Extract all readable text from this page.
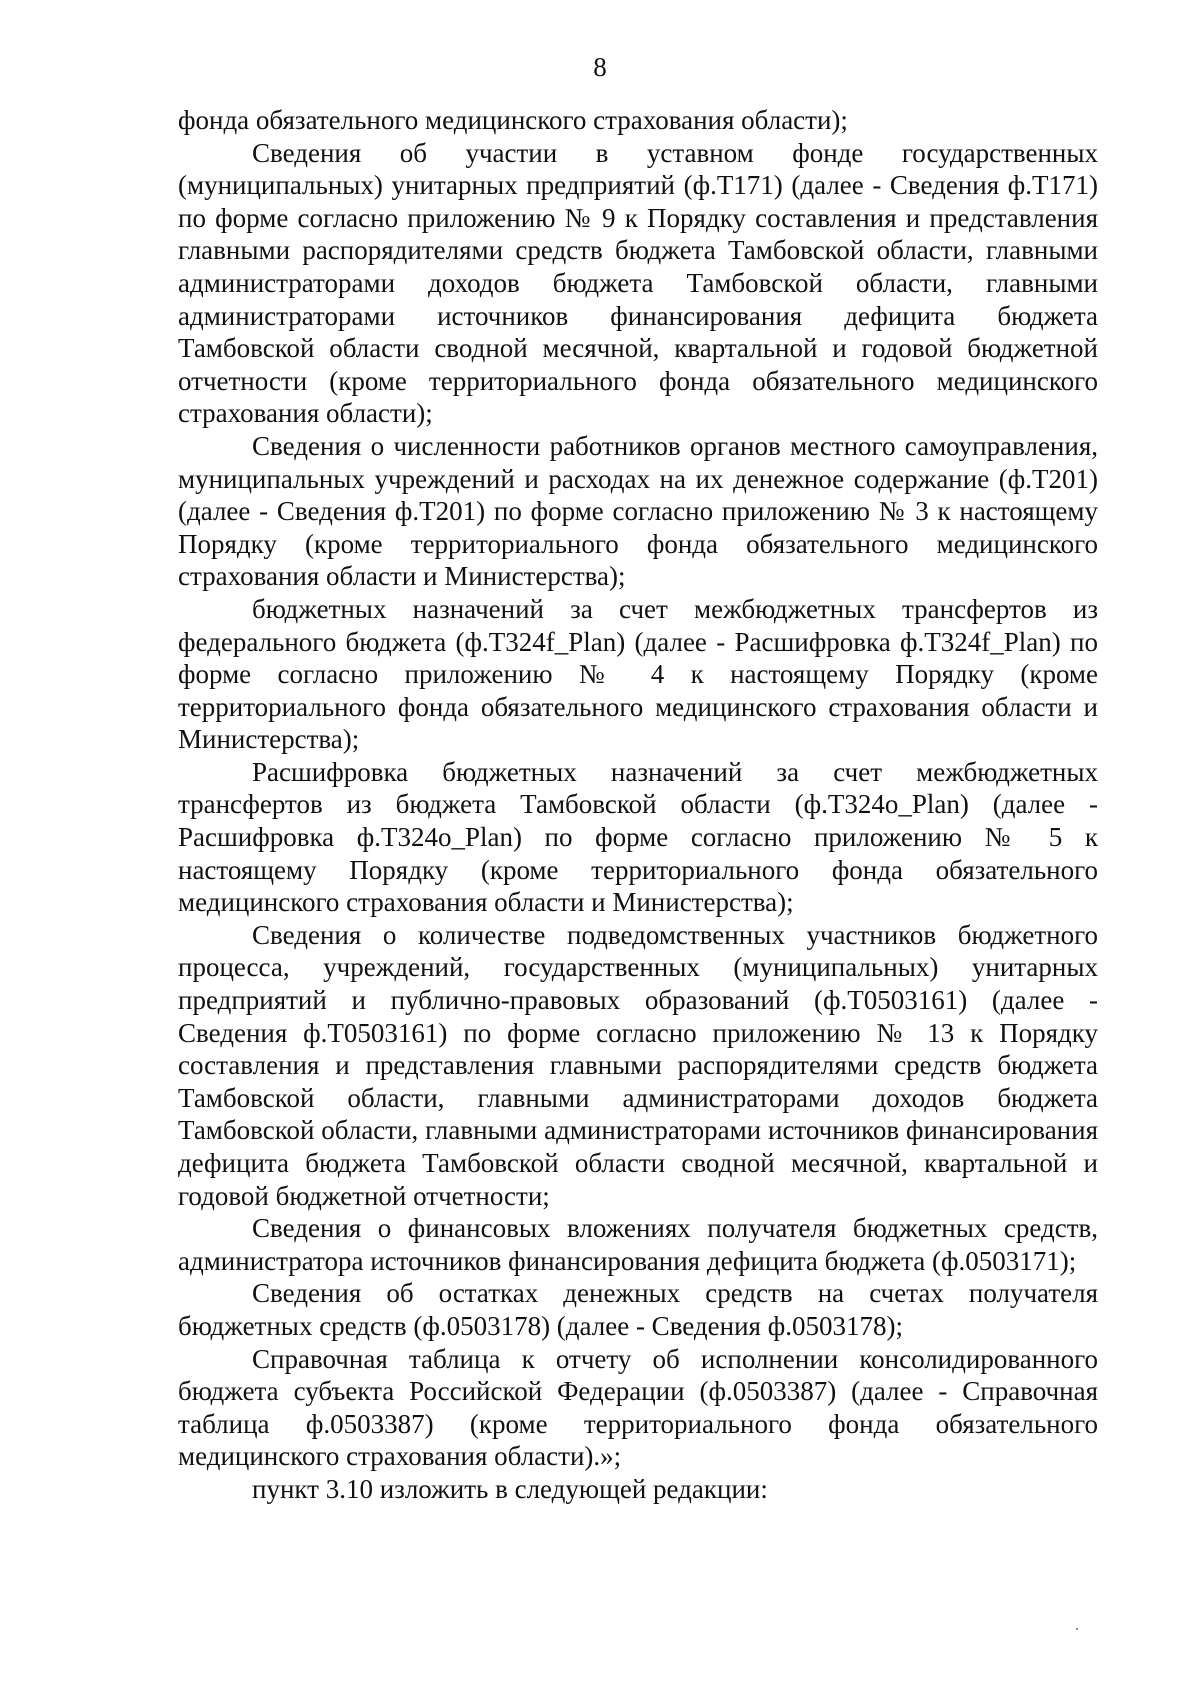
8

фонда обязательного медицинского страхования области);

Сведения об участии в уставном фонде государственных (муниципальных) унитарных предприятий (ф.Т171) (далее - Сведения ф.Т171) по форме согласно приложению № 9 к Порядку составления и представления главными распорядителями средств бюджета Тамбовской области, главными администраторами доходов бюджета Тамбовской области, главными администраторами источников финансирования дефицита бюджета Тамбовской области сводной месячной, квартальной и годовой бюджетной отчетности (кроме территориального фонда обязательного медицинского страхования области);

Сведения о численности работников органов местного самоуправления, муниципальных учреждений и расходах на их денежное содержание (ф.Т201) (далее - Сведения ф.Т201) по форме согласно приложению № 3 к настоящему Порядку (кроме территориального фонда обязательного медицинского страхования области и Министерства);

бюджетных назначений за счет межбюджетных трансфертов из федерального бюджета (ф.Т324f_Plan) (далее - Расшифровка ф.Т324f_Plan) по форме согласно приложению № 4 к настоящему Порядку (кроме территориального фонда обязательного медицинского страхования области и Министерства);

Расшифровка бюджетных назначений за счет межбюджетных трансфертов из бюджета Тамбовской области (ф.Т324o_Plan) (далее - Расшифровка ф.Т324o_Plan) по форме согласно приложению № 5 к настоящему Порядку (кроме территориального фонда обязательного медицинского страхования области и Министерства);

Сведения о количестве подведомственных участников бюджетного процесса, учреждений, государственных (муниципальных) унитарных предприятий и публично-правовых образований (ф.Т0503161) (далее - Сведения ф.Т0503161) по форме согласно приложению № 13 к Порядку составления и представления главными распорядителями средств бюджета Тамбовской области, главными администраторами доходов бюджета Тамбовской области, главными администраторами источников финансирования дефицита бюджета Тамбовской области сводной месячной, квартальной и годовой бюджетной отчетности;

Сведения о финансовых вложениях получателя бюджетных средств, администратора источников финансирования дефицита бюджета (ф.0503171);

Сведения об остатках денежных средств на счетах получателя бюджетных средств (ф.0503178) (далее - Сведения ф.0503178);

Справочная таблица к отчету об исполнении консолидированного бюджета субъекта Российской Федерации (ф.0503387) (далее - Справочная таблица ф.0503387) (кроме территориального фонда обязательного медицинского страхования области).»;

пункт 3.10 изложить в следующей редакции:
